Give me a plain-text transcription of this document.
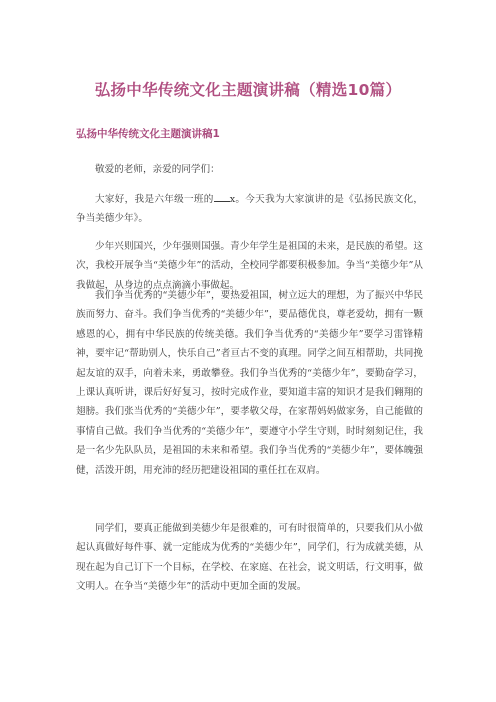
弘扬中华传统文化主题演讲稿（精选10篇）
弘扬中华传统文化主题演讲稿1

敬爱的老师，亲爱的同学们：

大家好，我是六年级一班的 x。今天我为大家演讲的是《弘扬民族文化，争当美德少年》。

少年兴则国兴，少年强则国强。青少年学生是祖国的未来，是民族的希望。这次，我校开展争当“美德少年”的活动，全校同学都要积极参加。争当“美德少年”从我做起，从身边的点点滴滴小事做起。

我们争当优秀的“美德少年”，要热爱祖国，树立远大的理想，为了振兴中华民族而努力、奋斗。我们争当优秀的“美德少年”，要品德优良，尊老爱幼，拥有一颗感恩的心，拥有中华民族的传统美德。我们争当优秀的“美德少年”要学习雷锋精神，要牢记“帮助别人，快乐自己”者亘古不变的真理。同学之间互相帮助，共同挽起友谊的双手，向着未来，勇敢攀登。我们争当优秀的“美德少年”，要勤奋学习，上课认真听讲，课后好好复习，按时完成作业，要知道丰富的知识才是我们翱翔的翅膀。我们张当优秀的“美德少年”，要孝敬父母，在家帮妈妈做家务，自己能做的事情自己做。我们争当优秀的“美德少年”，要遵守小学生守则，时时刻刻记住，我是一名少先队队员，是祖国的未来和希望。我们争当优秀的“美德少年”，要体魄强健，活泼开朗，用充沛的经历把建设祖国的重任扛在双肩。

同学们，要真正能做到美德少年是很难的，可有时很简单的，只要我们从小做起认真做好每件事、就一定能成为优秀的“美德少年”，同学们，行为成就美德，从现在起为自己订下一个目标，在学校、在家庭、在社会，说文明话，行文明事，做文明人。在争当“美德少年”的活动中更加全面的发展。
